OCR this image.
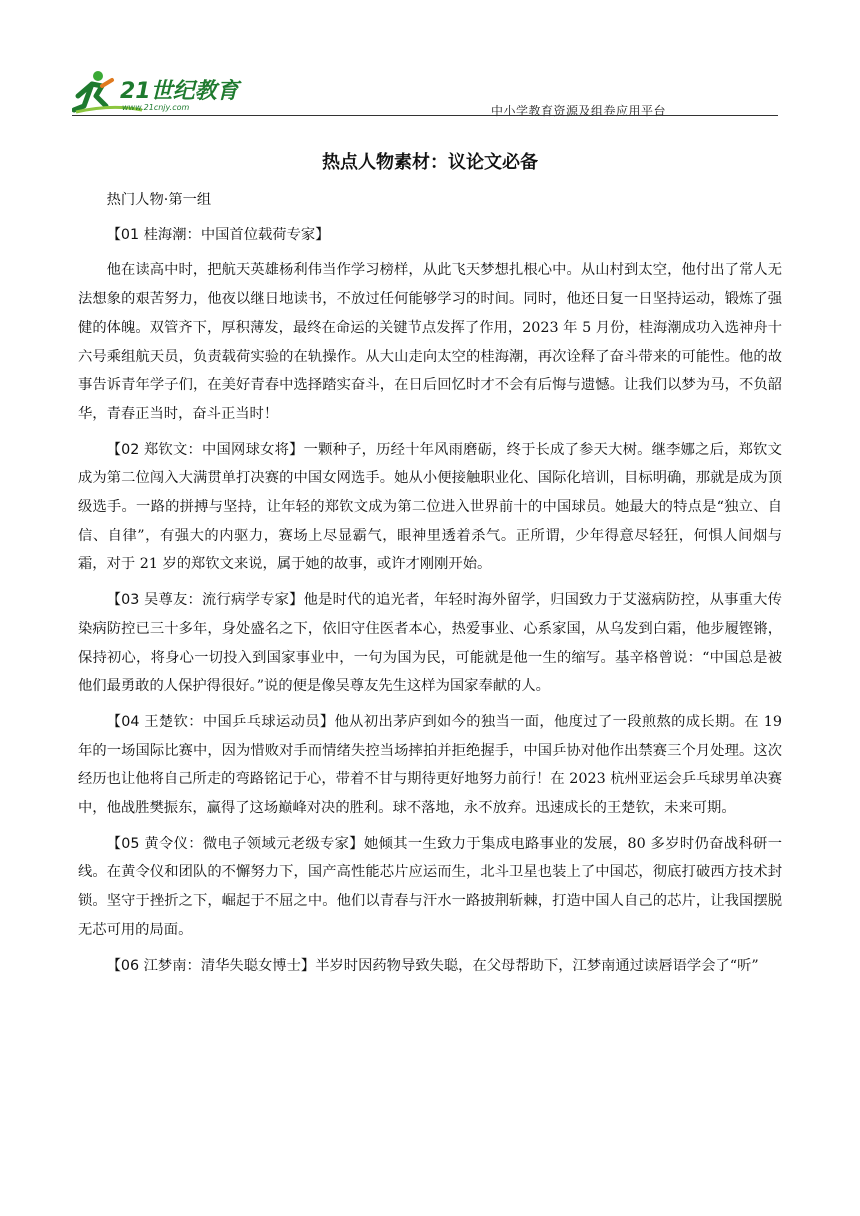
21世纪教育
www.21cnjy.com	中小学教育资源及组卷应用平台
热点人物素材：议论文必备

热门人物·第一组

【01 桂海潮：中国首位载荷专家】

他在读高中时，把航天英雄杨利伟当作学习榜样，从此飞天梦想扎根心中。从山村到太空，他付出了常人无法想象的艰苦努力，他夜以继日地读书，不放过任何能够学习的时间。同时，他还日复一日坚持运动，锻炼了强健的体魄。双管齐下，厚积薄发，最终在命运的关键节点发挥了作用，2023 年 5 月份，桂海潮成功入选神舟十六号乘组航天员，负责载荷实验的在轨操作。从大山走向太空的桂海潮，再次诠释了奋斗带来的可能性。他的故事告诉青年学子们，在美好青春中选择踏实奋斗，在日后回忆时才不会有后悔与遗憾。让我们以梦为马，不负韶华，青春正当时，奋斗正当时！

【02 郑钦文：中国网球女将】一颗种子，历经十年风雨磨砺，终于长成了参天大树。继李娜之后，郑钦文成为第二位闯入大满贯单打决赛的中国女网选手。她从小便接触职业化、国际化培训，目标明确，那就是成为顶级选手。一路的拼搏与坚持，让年轻的郑钦文成为第二位进入世界前十的中国球员。她最大的特点是“独立、自信、自律”，有强大的内驱力，赛场上尽显霸气，眼神里透着杀气。正所谓，少年得意尽轻狂，何惧人间烟与霜，对于 21 岁的郑钦文来说，属于她的故事，或许才刚刚开始。

【03 吴尊友：流行病学专家】他是时代的追光者，年轻时海外留学，归国致力于艾滋病防控，从事重大传染病防控已三十多年，身处盛名之下，依旧守住医者本心，热爱事业、心系家国，从乌发到白霜，他步履铿锵，保持初心，将身心一切投入到国家事业中，一句为国为民，可能就是他一生的缩写。基辛格曾说：“中国总是被他们最勇敢的人保护得很好。”说的便是像吴尊友先生这样为国家奉献的人。

【04 王楚钦：中国乒乓球运动员】他从初出茅庐到如今的独当一面，他度过了一段煎熬的成长期。在 19 年的一场国际比赛中，因为惜败对手而情绪失控当场摔拍并拒绝握手，中国乒协对他作出禁赛三个月处理。这次经历也让他将自己所走的弯路铭记于心，带着不甘与期待更好地努力前行！在 2023 杭州亚运会乒乓球男单决赛中，他战胜樊振东，赢得了这场巅峰对决的胜利。球不落地，永不放弃。迅速成长的王楚钦，未来可期。

【05 黄令仪：微电子领域元老级专家】她倾其一生致力于集成电路事业的发展，80 多岁时仍奋战科研一线。在黄令仪和团队的不懈努力下，国产高性能芯片应运而生，北斗卫星也装上了中国芯，彻底打破西方技术封锁。坚守于挫折之下，崛起于不屈之中。他们以青春与汗水一路披荆斩棘，打造中国人自己的芯片，让我国摆脱无芯可用的局面。

【06 江梦南：清华失聪女博士】半岁时因药物导致失聪，在父母帮助下，江梦南通过读唇语学会了“听”
